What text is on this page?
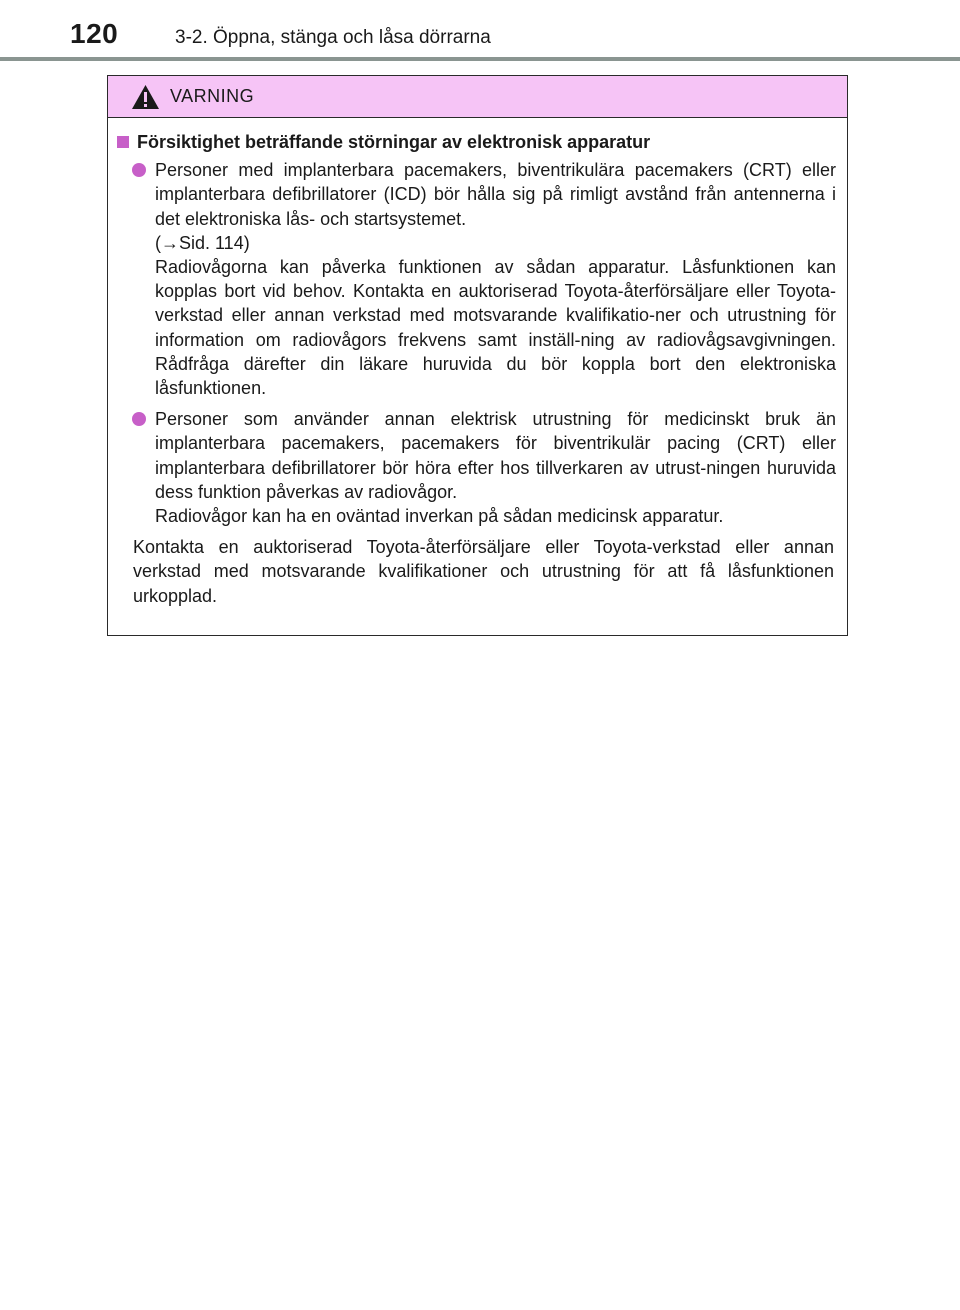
120	3-2. Öppna, stänga och låsa dörrarna
VARNING
Försiktighet beträffande störningar av elektronisk apparatur

Personer med implanterbara pacemakers, biventrikulära pacemakers (CRT) eller implanterbara defibrillatorer (ICD) bör hålla sig på rimligt avstånd från antennerna i det elektroniska lås- och startsystemet.

(→Sid. 114)

Radiovågorna kan påverka funktionen av sådan apparatur. Låsfunktionen kan kopplas bort vid behov. Kontakta en auktoriserad Toyota-återförsäljare eller Toyota-verkstad eller annan verkstad med motsvarande kvalifikatio-ner och utrustning för information om radiovågors frekvens samt inställ-ning av radiovågsavgivningen. Rådfråga därefter din läkare huruvida du bör koppla bort den elektroniska låsfunktionen.

Personer som använder annan elektrisk utrustning för medicinskt bruk än implanterbara pacemakers, pacemakers för biventrikulär pacing (CRT) eller implanterbara defibrillatorer bör höra efter hos tillverkaren av utrust-ningen huruvida dess funktion påverkas av radiovågor.

Radiovågor kan ha en oväntad inverkan på sådan medicinsk apparatur.

Kontakta en auktoriserad Toyota-återförsäljare eller Toyota-verkstad eller annan verkstad med motsvarande kvalifikationer och utrustning för att få låsfunktionen urkopplad.
